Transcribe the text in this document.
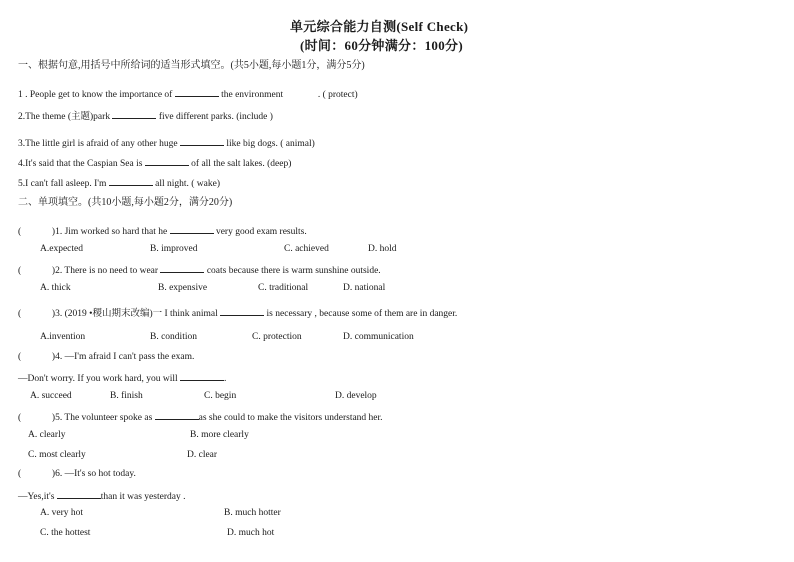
单元综合能力自测(Self Check)
(时间：60分钟满分：100分)
一、根据句意,用括号中所给词的适当形式填空。(共5小题,每小题1分，满分5分)
1 . People get to know the importance of	the environment	. ( protect)
2.The theme (主题)park	five different parks. (include )
3.The little girl is afraid of any other huge	like big dogs. ( animal)
4.It's said that the Caspian Sea is	of all the salt lakes. (deep)
5.I can't fall asleep. I'm	all night. ( wake)
二、单项填空。(共10小题,每小题2分，满分20分)
(	)1. Jim worked so hard that he	very good exam results.
A.expected	B. improved	C. achieved	D. hold
(	)2. There is no need to wear	coats because there is warm sunshine outside.
A. thick	B. expensive	C. traditional	D. national
(	)3. (2019 •稷山期末改编)一 I think animal	is necessary , because some of them are in danger.
A.invention	B. condition	C. protection	D. communication
(	)4. —I'm afraid I can't pass the exam.
—Don't worry. If you work hard, you will	.
A. succeed	B. finish	C. begin	D. develop
(	)5. The volunteer spoke as	as she could to make the visitors understand her.
A. clearly	B. more clearly
C. most clearly	D. clear
(	)6. —It's so hot today.
—Yes,it's	than it was yesterday .
A. very hot	B. much hotter
C. the hottest	D. much hot
